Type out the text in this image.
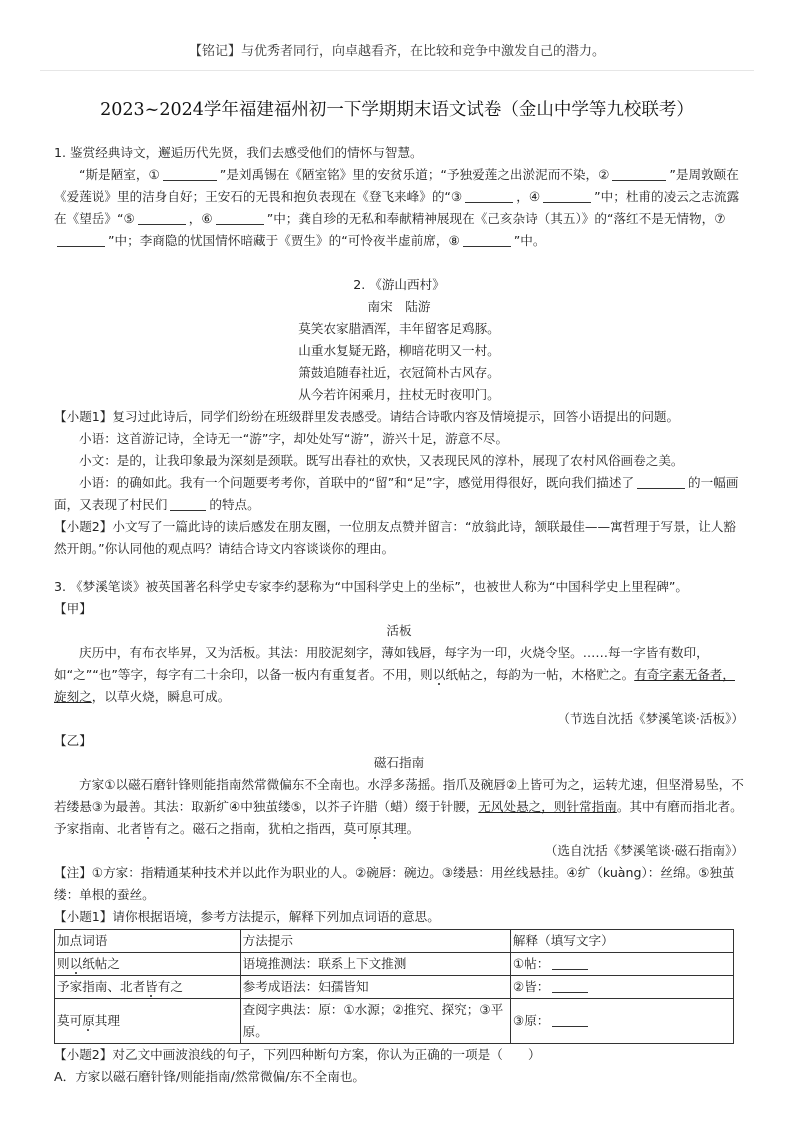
【铭记】与优秀者同行，向卓越看齐，在比较和竞争中激发自己的潜力。
2023~2024学年福建福州初一下学期期末语文试卷（金山中学等九校联考）

1. 鉴赏经典诗文，邂逅历代先贤，我们去感受他们的情怀与智慧。

“斯是陋室，①	”是刘禹锡在《陋室铭》里的安贫乐道；“予独爱莲之出淤泥而不染，②	”是周敦颐在《爱莲说》里的洁身自好；王安石的无畏和抱负表现在《登飞来峰》的“③	，④	”中；杜甫的凌云之志流露在《望岳》“⑤	，⑥	”中；龚自珍的无私和奉献精神展现在《己亥杂诗（其五）》的“落红不是无情物，⑦”中；李商隐的忧国情怀暗藏于《贾生》的“可怜夜半虚前席，⑧	”中。

2. 《游山西村》

南宋　陆游

莫笑农家腊酒浑，丰年留客足鸡豚。

山重水复疑无路，柳暗花明又一村。

箫鼓追随春社近，衣冠简朴古风存。

从今若许闲乘月，拄杖无时夜叩门。

【小题1】复习过此诗后，同学们纷纷在班级群里发表感受。请结合诗歌内容及情境提示，回答小语提出的问题。

小语：这首游记诗，全诗无一“游”字，却处处写“游”，游兴十足，游意不尽。

小文：是的，让我印象最为深刻是颈联。既写出春社的欢快，又表现民风的淳朴，展现了农村风俗画卷之美。

小语：的确如此。我有一个问题要考考你，首联中的“留”和“足”字，感觉用得很好，既向我们描述了	的一幅画面，又表现了村民们	的特点。

【小题2】小文写了一篇此诗的读后感发在朋友圈，一位朋友点赞并留言：“放翁此诗，颔联最佳——寓哲理于写景，让人豁然开朗。”你认同他的观点吗？请结合诗文内容谈谈你的理由。

3. 《梦溪笔谈》被英国著名科学史专家李约瑟称为“中国科学史上的坐标”，也被世人称为“中国科学史上里程碑”。

【甲】

活板

庆历中，有布衣毕昇，又为活板。其法：用胶泥刻字，薄如钱唇，每字为一印，火烧令坚。……每一字皆有数印，如“之”“也”等字，每字有二十余印，以备一板内有重复者。不用，则以纸帖之，每韵为一帖，木格贮之。有奇字素无备者，旋刻之，以草火烧，瞬息可成。

（节选自沈括《梦溪笔谈·活板》）

【乙】

磁石指南

方家①以磁石磨针锋则能指南然常微偏东不全南也。水浮多荡摇。指爪及碗唇②上皆可为之，运转尤速，但坚滑易坠，不若缕悬③为最善。其法：取新纩④中独茧缕⑤，以芥子许腊（蜡）缀于针腰，无风处悬之，则针常指南。其中有磨而指北者。予家指南、北者皆有之。磁石之指南，犹柏之指西，莫可原其理。

（选自沈括《梦溪笔谈·磁石指南》）

【注】①方家：指精通某种技术并以此作为职业的人。②碗唇：碗边。③缕悬：用丝线悬挂。④纩（kuàng）：丝绵。⑤独茧缕：单根的蚕丝。

【小题1】请你根据语境，参考方法提示，解释下列加点词语的意思。

加点词语	方法提示	解释（填写文字）
则以纸帖之	语境推测法：联系上下文推测	①帖：
予家指南、北者皆有之	参考成语法：妇孺皆知	②皆：
莫可原其理	查阅字典法：原：①水源；②推究、探究；③平原。	③原：

【小题2】对乙文中画波浪线的句子，下列四种断句方案，你认为正确的一项是（　　）

A．方家以磁石磨针锋/则能指南/然常微偏/东不全南也。
